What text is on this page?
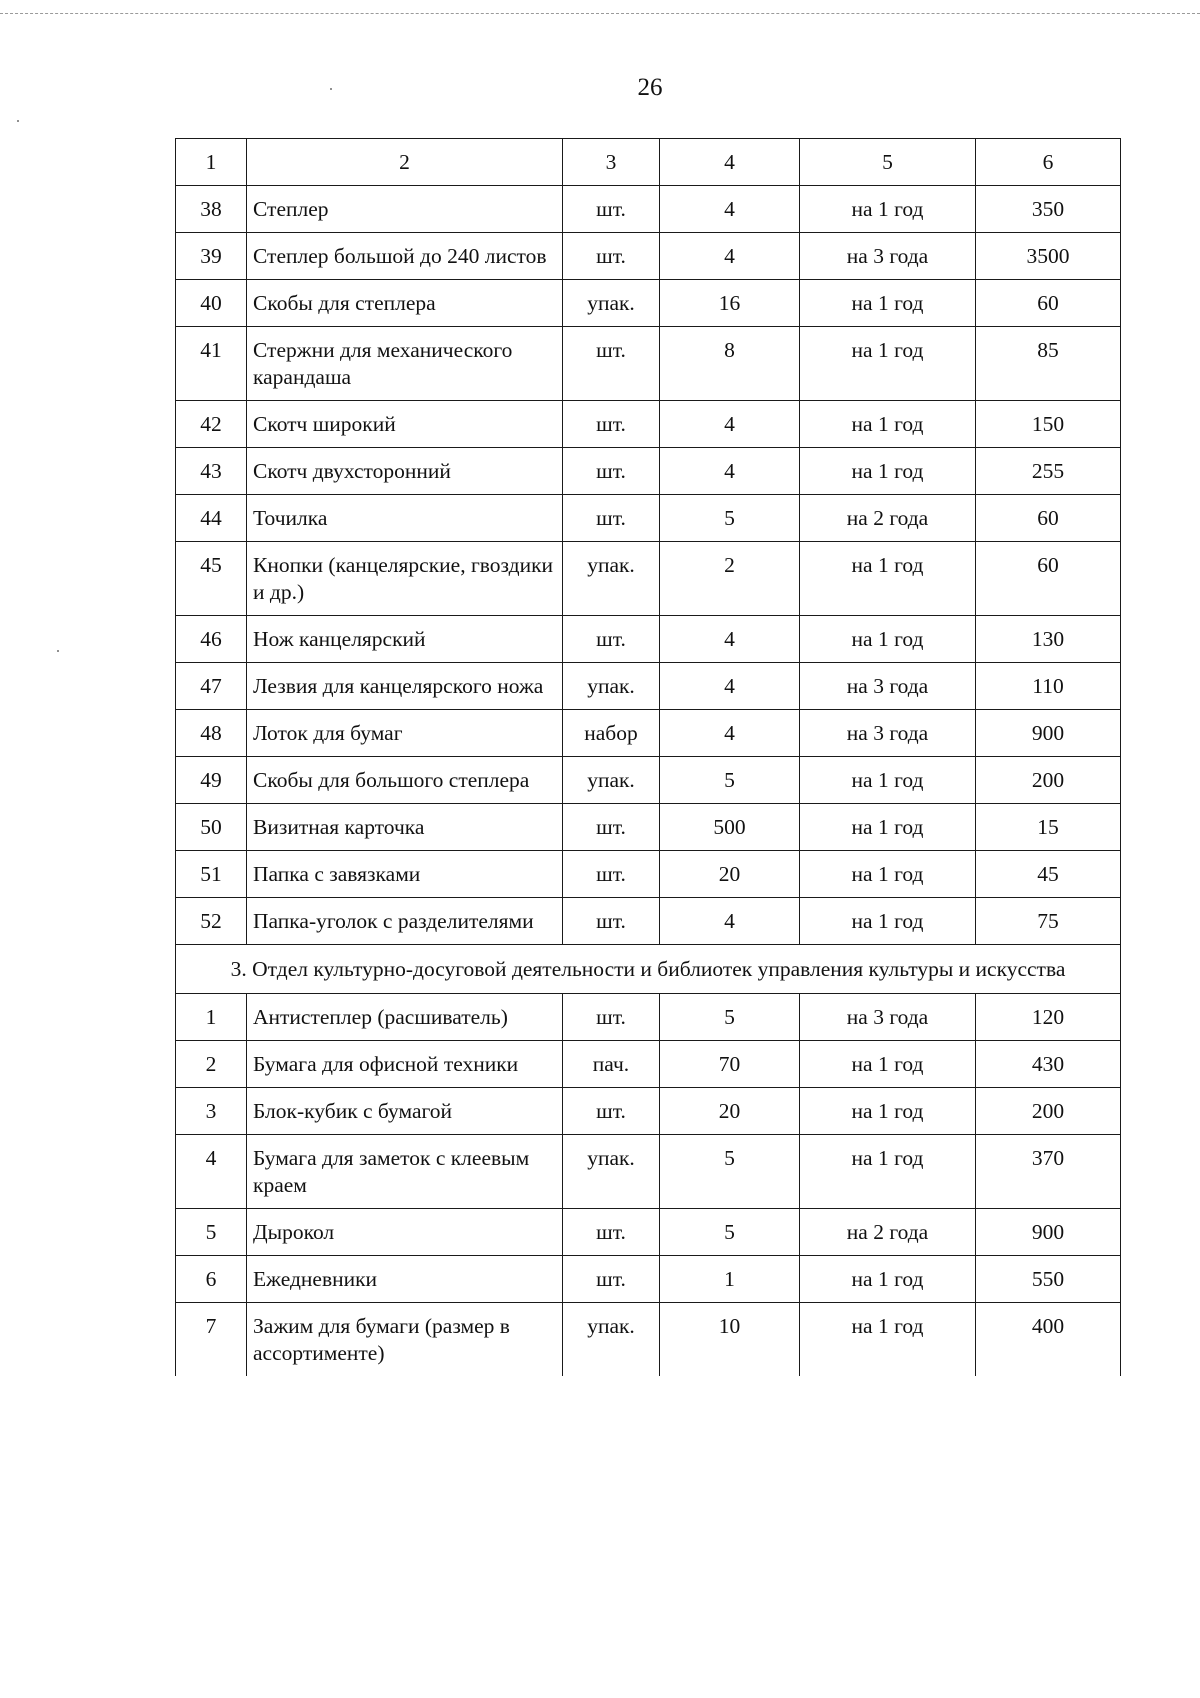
26
1	2	3	4	5	6
38	Степлер	шт.	4	на 1 год	350
39	Степлер большой до 240 листов	шт.	4	на 3 года	3500
40	Скобы для степлера	упак.	16	на 1 год	60
41	Стержни для механического карандаша	шт.	8	на 1 год	85
42	Скотч широкий	шт.	4	на 1 год	150
43	Скотч двухсторонний	шт.	4	на 1 год	255
44	Точилка	шт.	5	на 2 года	60
45	Кнопки (канцелярские, гвоздики и др.)	упак.	2	на 1 год	60
46	Нож канцелярский	шт.	4	на 1 год	130
47	Лезвия для канцелярского ножа	упак.	4	на 3 года	110
48	Лоток для бумаг	набор	4	на 3 года	900
49	Скобы для большого степлера	упак.	5	на 1 год	200
50	Визитная карточка	шт.	500	на 1 год	15
51	Папка с завязками	шт.	20	на 1 год	45
52	Папка-уголок с разделителями	шт.	4	на 1 год	75
3. Отдел культурно-досуговой деятельности и библиотек управления культуры и искусства					
1	Антистеплер (расшиватель)	шт.	5	на 3 года	120
2	Бумага для офисной техники	пач.	70	на 1 год	430
3	Блок-кубик с бумагой	шт.	20	на 1 год	200
4	Бумага для заметок с клеевым краем	упак.	5	на 1 год	370
5	Дырокол	шт.	5	на 2 года	900
6	Ежедневники	шт.	1	на 1 год	550
7	Зажим для бумаги (размер в ассортименте)	упак.	10	на 1 год	400
